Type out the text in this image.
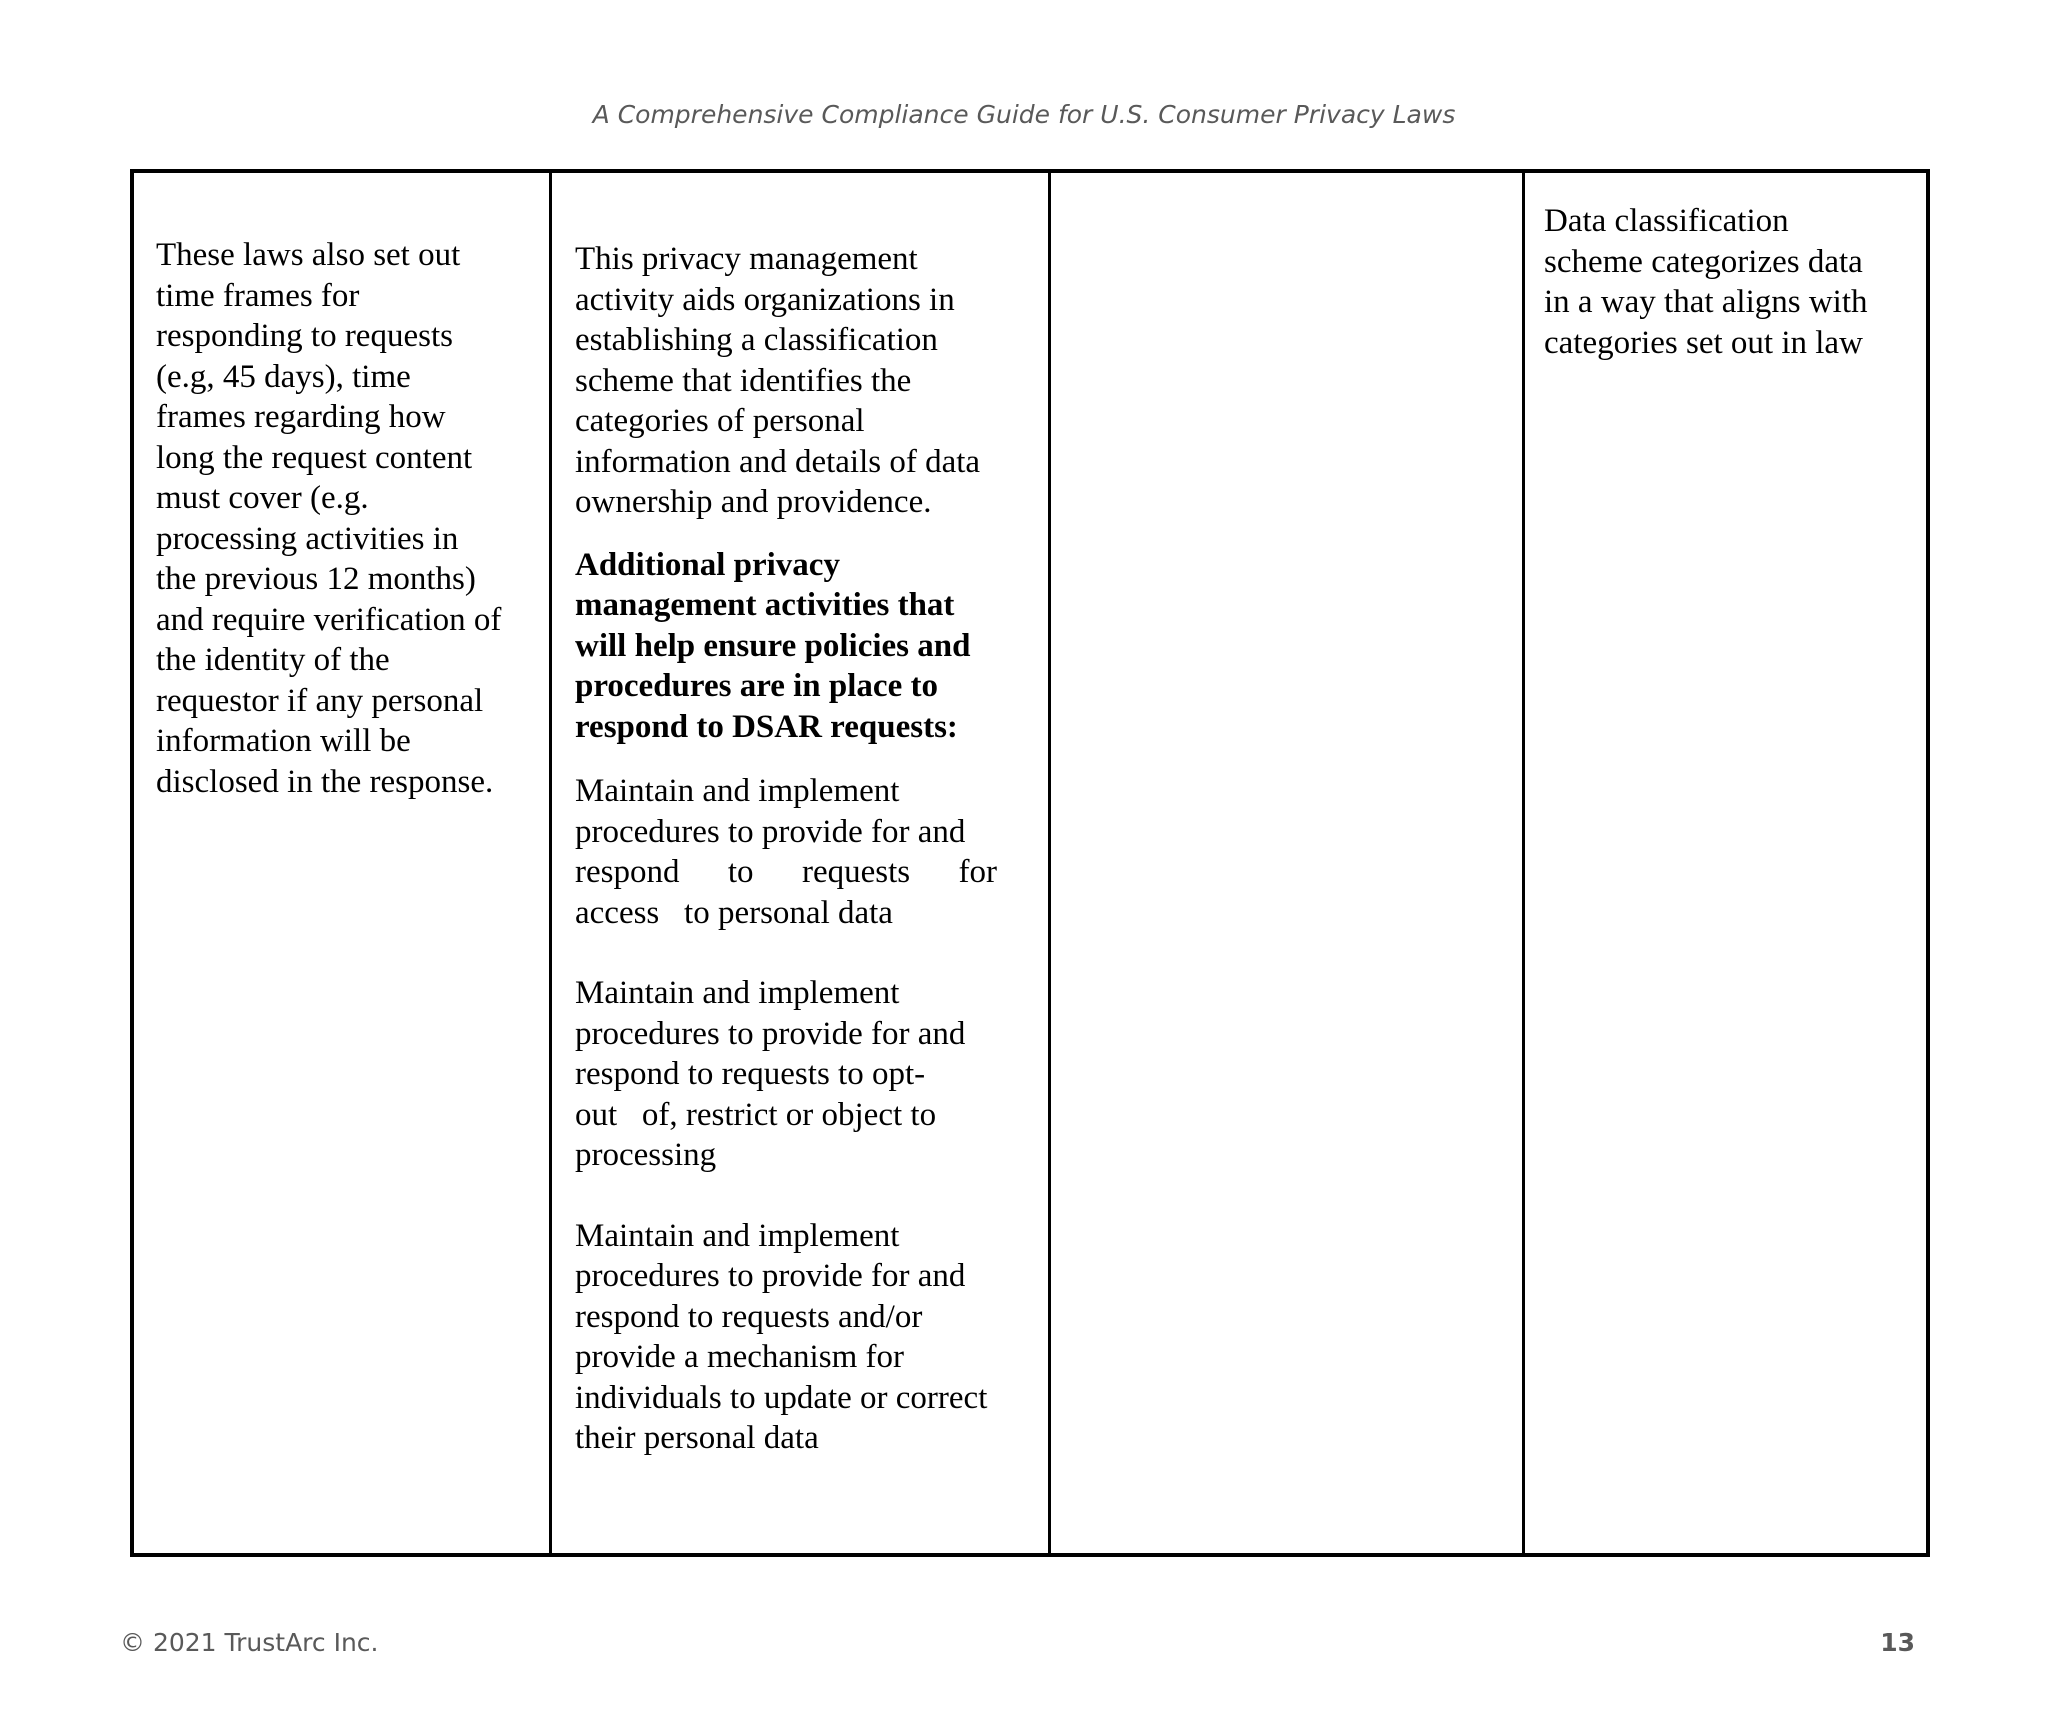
A Comprehensive Compliance Guide for U.S. Consumer Privacy Laws

These laws also set out

time frames for

responding to requests

(e.g, 45 days), time

frames regarding how

long the request content

must cover (e.g.

processing activities in

the previous 12 months)

and require verification of

the identity of the

requestor if any personal

information will be

disclosed in the response.

This privacy management

activity aids organizations in

establishing a classification

scheme that identifies the

categories of personal

information and details of data

ownership and providence.

Additional privacy

management activities that

will help ensure policies and

procedures are in place to

respond to DSAR requests:

Maintain and implement

procedures to provide for and

respond to requests for

access   to personal data

Maintain and implement

procedures to provide for and

respond to requests to opt-

out   of, restrict or object to

processing

Maintain and implement

procedures to provide for and

respond to requests and/or

provide a mechanism for

individuals to update or correct

their personal data

Data classification

scheme categorizes data

in a way that aligns with

categories set out in law

© 2021 TrustArc Inc.	13
